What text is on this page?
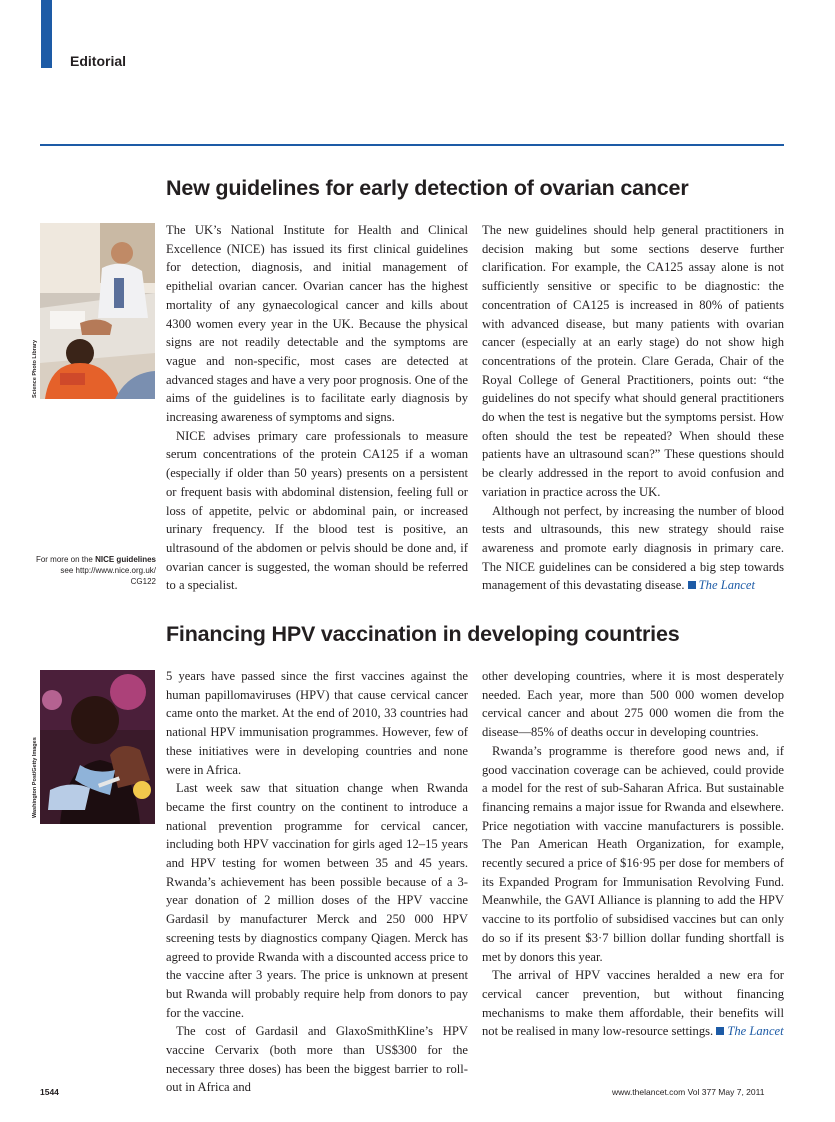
Editorial
New guidelines for early detection of ovarian cancer
Science Photo Library

The UK’s National Institute for Health and Clinical Excellence (NICE) has issued its first clinical guidelines for detection, diagnosis, and initial management of epithelial ovarian cancer. Ovarian cancer has the highest mortality of any gynaecological cancer and kills about 4300 women every year in the UK. Because the physical signs are not readily detectable and the symptoms are vague and non-specific, most cases are detected at advanced stages and have a very poor prognosis. One of the aims of the guidelines is to facilitate early diagnosis by increasing awareness of symptoms and signs.

NICE advises primary care professionals to measure serum concentrations of the protein CA125 if a woman (especially if older than 50 years) presents on a persistent or frequent basis with abdominal distension, feeling full or loss of appetite, pelvic or abdominal pain, or increased urinary frequency. If the blood test is positive, an ultrasound of the abdomen or pelvis should be done and, if ovarian cancer is suggested, the woman should be referred to a specialist.

The new guidelines should help general practitioners in decision making but some sections deserve further clarification. For example, the CA125 assay alone is not sufficiently sensitive or specific to be diagnostic: the concentration of CA125 is increased in 80% of patients with advanced disease, but many patients with ovarian cancer (especially at an early stage) do not show high concentrations of the protein. Clare Gerada, Chair of the Royal College of General Practitioners, points out: “the guidelines do not specify what should general practitioners do when the test is negative but the symptoms persist. How often should the test be repeated? When should these patients have an ultrasound scan?” These questions should be clearly addressed in the report to avoid confusion and variation in practice across the UK.

Although not perfect, by increasing the number of blood tests and ultrasounds, this new strategy should raise awareness and promote early diagnosis in primary care. The NICE guidelines can be considered a big step towards management of this devastating disease. The Lancet

For more on the NICE guidelines
see http://www.nice.org.uk/
CG122
Financing HPV vaccination in developing countries
Washington Post/Getty Images

5 years have passed since the first vaccines against the human papillomaviruses (HPV) that cause cervical cancer came onto the market. At the end of 2010, 33 countries had national HPV immunisation programmes. However, few of these initiatives were in developing countries and none were in Africa.

Last week saw that situation change when Rwanda became the first country on the continent to introduce a national prevention programme for cervical cancer, including both HPV vaccination for girls aged 12–15 years and HPV testing for women between 35 and 45 years. Rwanda’s achievement has been possible because of a 3-year donation of 2 million doses of the HPV vaccine Gardasil by manufacturer Merck and 250 000 HPV screening tests by diagnostics company Qiagen. Merck has agreed to provide Rwanda with a discounted access price to the vaccine after 3 years. The price is unknown at present but Rwanda will probably require help from donors to pay for the vaccine.

The cost of Gardasil and GlaxoSmithKline’s HPV vaccine Cervarix (both more than US$300 for the necessary three doses) has been the biggest barrier to roll-out in Africa and

other developing countries, where it is most desperately needed. Each year, more than 500 000 women develop cervical cancer and about 275 000 women die from the disease—85% of deaths occur in developing countries.

Rwanda’s programme is therefore good news and, if good vaccination coverage can be achieved, could provide a model for the rest of sub-Saharan Africa. But sustainable financing remains a major issue for Rwanda and elsewhere. Price negotiation with vaccine manufacturers is possible. The Pan American Heath Organization, for example, recently secured a price of $16·95 per dose for members of its Expanded Program for Immunisation Revolving Fund. Meanwhile, the GAVI Alliance is planning to add the HPV vaccine to its portfolio of subsidised vaccines but can only do so if its present $3·7 billion dollar funding shortfall is met by donors this year.

The arrival of HPV vaccines heralded a new era for cervical cancer prevention, but without financing mechanisms to make them affordable, their benefits will not be realised in many low-resource settings. The Lancet

1544	www.thelancet.com Vol 377 May 7, 2011
